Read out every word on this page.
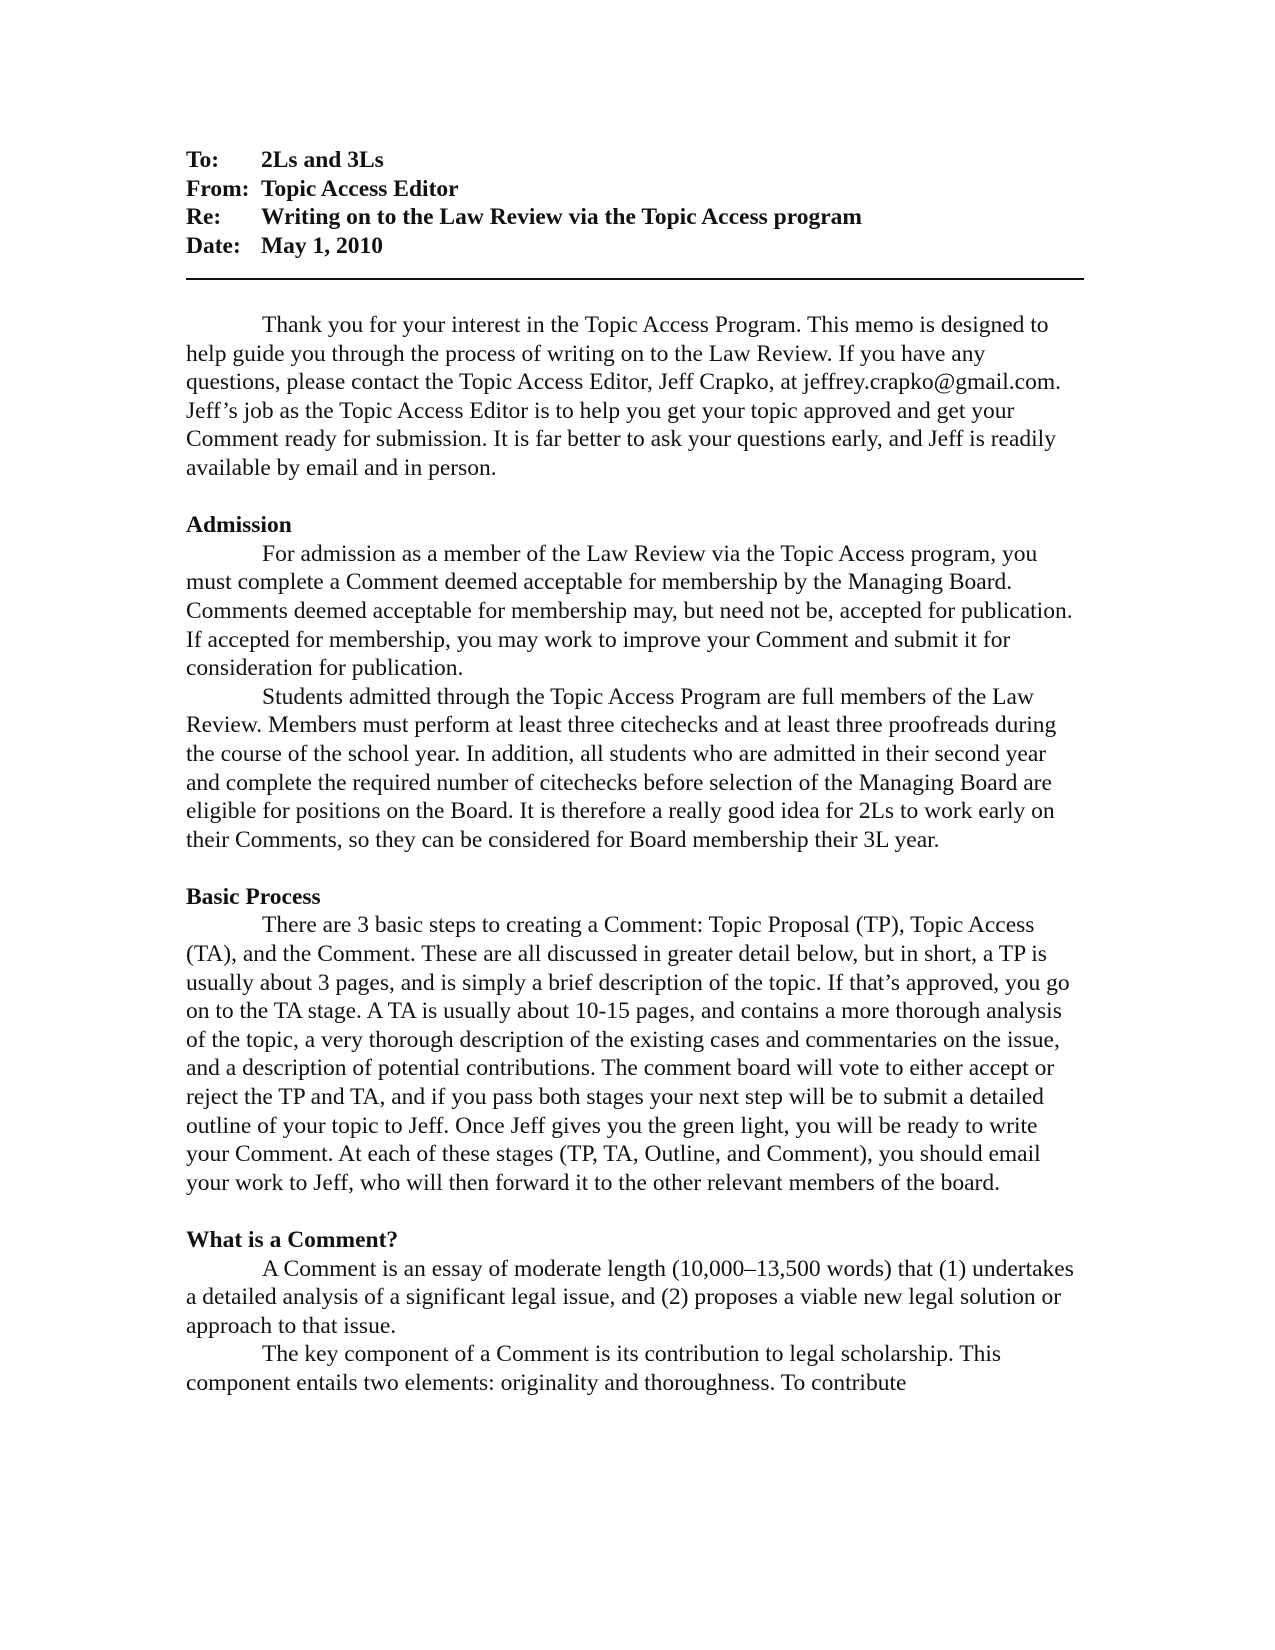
To: 2Ls and 3Ls
From: Topic Access Editor
Re: Writing on to the Law Review via the Topic Access program
Date: May 1, 2010

Thank you for your interest in the Topic Access Program. This memo is designed to help guide you through the process of writing on to the Law Review. If you have any questions, please contact the Topic Access Editor, Jeff Crapko, at jeffrey.crapko@gmail.com. Jeff’s job as the Topic Access Editor is to help you get your topic approved and get your Comment ready for submission. It is far better to ask your questions early, and Jeff is readily available by email and in person.

Admission

For admission as a member of the Law Review via the Topic Access program, you must complete a Comment deemed acceptable for membership by the Managing Board. Comments deemed acceptable for membership may, but need not be, accepted for publication. If accepted for membership, you may work to improve your Comment and submit it for consideration for publication.

Students admitted through the Topic Access Program are full members of the Law Review. Members must perform at least three citechecks and at least three proofreads during the course of the school year. In addition, all students who are admitted in their second year and complete the required number of citechecks before selection of the Managing Board are eligible for positions on the Board. It is therefore a really good idea for 2Ls to work early on their Comments, so they can be considered for Board membership their 3L year.

Basic Process

There are 3 basic steps to creating a Comment: Topic Proposal (TP), Topic Access (TA), and the Comment. These are all discussed in greater detail below, but in short, a TP is usually about 3 pages, and is simply a brief description of the topic. If that’s approved, you go on to the TA stage. A TA is usually about 10-15 pages, and contains a more thorough analysis of the topic, a very thorough description of the existing cases and commentaries on the issue, and a description of potential contributions. The comment board will vote to either accept or reject the TP and TA, and if you pass both stages your next step will be to submit a detailed outline of your topic to Jeff. Once Jeff gives you the green light, you will be ready to write your Comment. At each of these stages (TP, TA, Outline, and Comment), you should email your work to Jeff, who will then forward it to the other relevant members of the board.

What is a Comment?

A Comment is an essay of moderate length (10,000–13,500 words) that (1) undertakes a detailed analysis of a significant legal issue, and (2) proposes a viable new legal solution or approach to that issue.

The key component of a Comment is its contribution to legal scholarship. This component entails two elements: originality and thoroughness. To contribute
